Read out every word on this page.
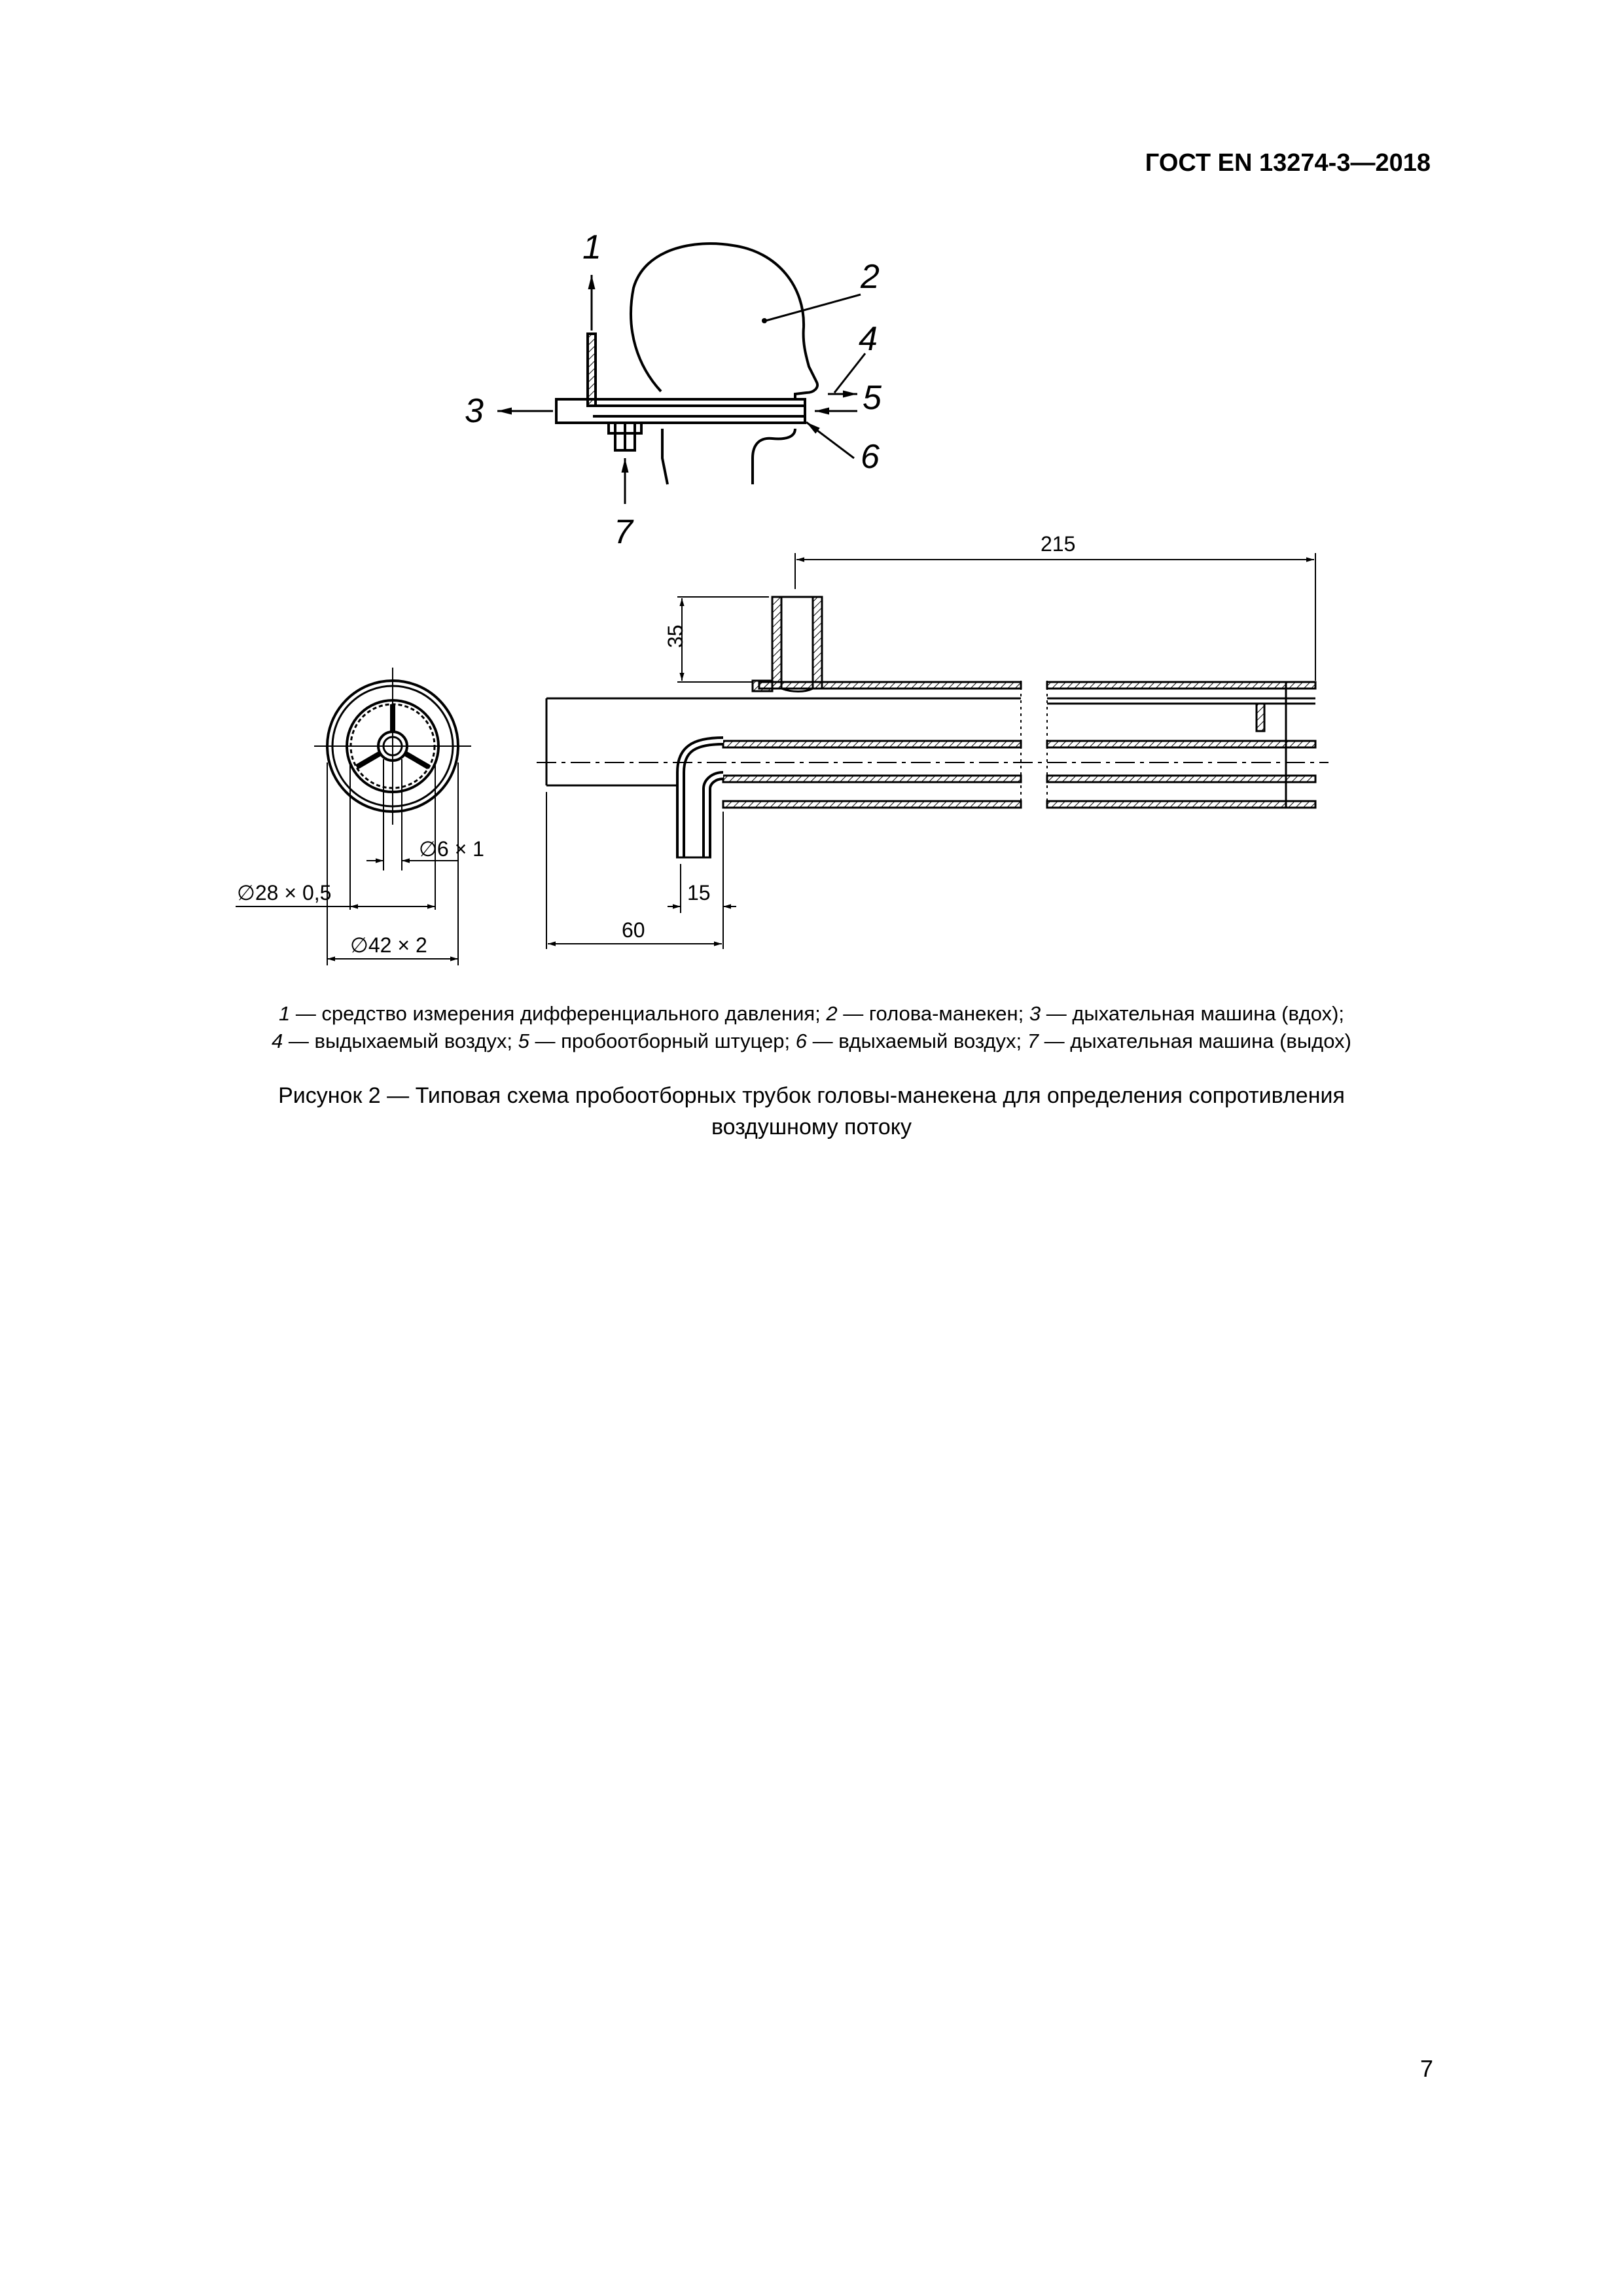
ГОСТ EN 13274-3—2018
1
2
3
4
5
6
7
∅6 × 1
∅28 × 0,5
∅42 × 2
215
35
15
60
1 — средство измерения дифференциального давления; 2 — голова-манекен; 3 — дыхательная машина (вдох);
4 — выдыхаемый воздух; 5 — пробоотборный штуцер; 6 — вдыхаемый воздух; 7 — дыхательная машина (выдох)
Рисунок 2 — Типовая схема пробоотборных трубок головы-манекена для определения сопротивления
воздушному потоку
7
